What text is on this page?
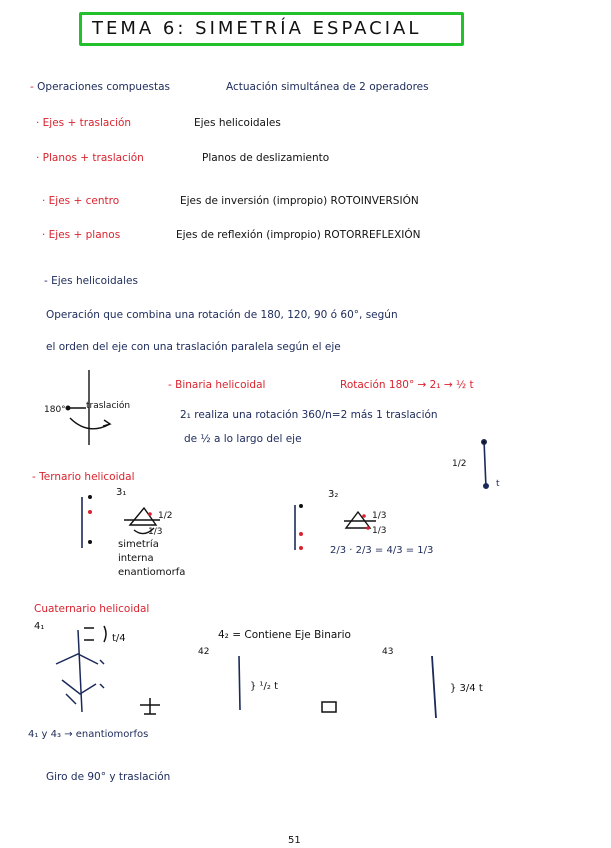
TEMA 6: SIMETRÍA ESPACIAL
- Operaciones compuestas	Actuación simultánea de 2 operadores
· Ejes + traslación	Ejes helicoidales
· Planos + traslación	Planos de deslizamiento
· Ejes + centro	Ejes de inversión (impropio) ROTOINVERSIÓN
· Ejes + planos	Ejes de reflexión (impropio) ROTORREFLEXIÓN
- Ejes helicoidales
Operación que combina una rotación de 180, 120, 90 ó 60°, según
el orden del eje con una traslación paralela según el eje
- Binaria helicoidal	Rotación 180° → 2₁ → ½ t
2₁ realiza una rotación 360/n=2 más 1 traslación
de ½ a lo largo del eje
180° traslación
1/2
t
- Ternario helicoidal
3₁
1/2
1/3
simetría
interna
enantiomorfa
3₂
1/3
1/3
2/3 · 2/3 = 4/3 = 1/3
Cuaternario helicoidal
4₁
t/4	4₂ = Contiene Eje Binario
42
} ¹/₂ t
43
} 3/4 t
4₁ y 4₃ → enantiomorfos
Giro de 90° y traslación
51
